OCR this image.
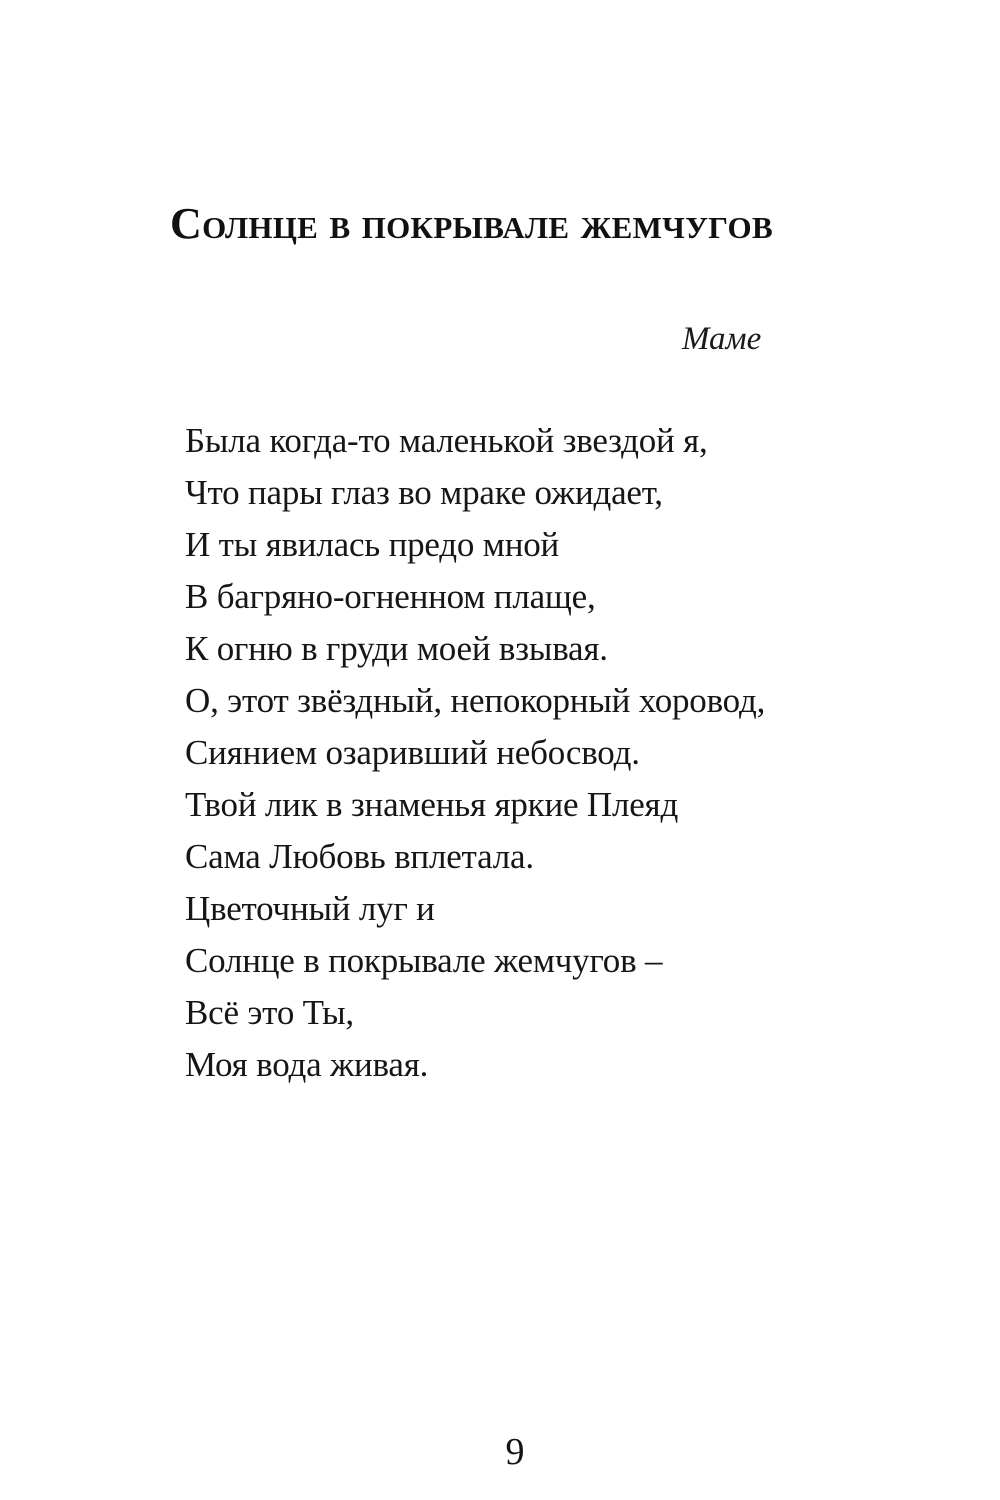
Солнце в покрывале жемчугов

Маме

Была когда-то маленькой звездой я,
Что пары глаз во мраке ожидает,
И ты явилась предо мной
В багряно-огненном плаще,
К огню в груди моей взывая.
О, этот звёздный, непокорный хоровод,
Сиянием озаривший небосвод.
Твой лик в знаменья яркие Плеяд
Сама Любовь вплетала.
Цветочный луг и
Солнце в покрывале жемчугов –
Всё это Ты,
Моя вода живая.

9
